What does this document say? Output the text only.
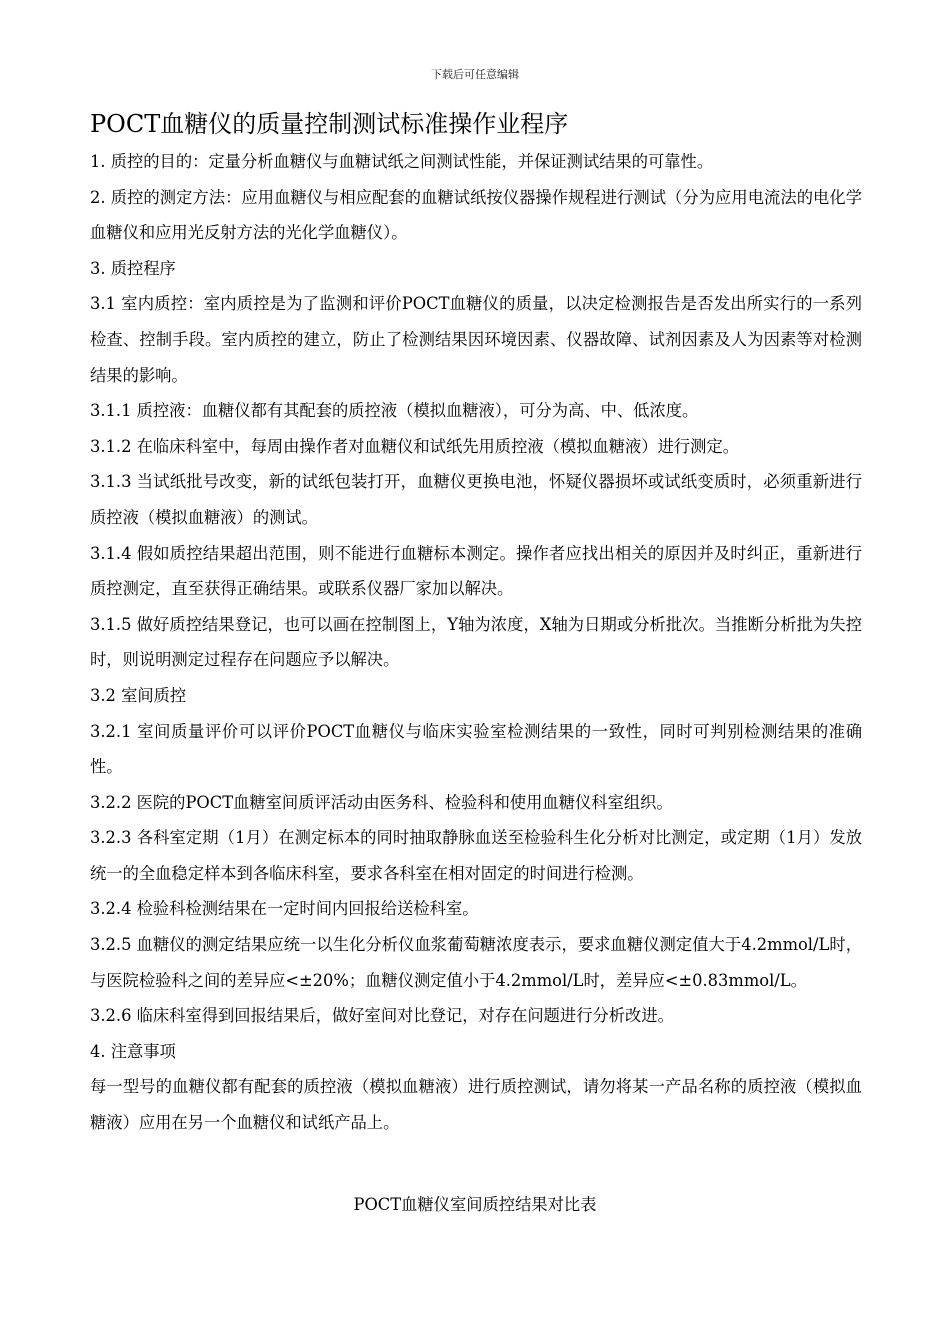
下载后可任意编辑
POCT血糖仪的质量控制测试标准操作业程序

1. 质控的目的：定量分析血糖仪与血糖试纸之间测试性能，并保证测试结果的可靠性。

2. 质控的测定方法：应用血糖仪与相应配套的血糖试纸按仪器操作规程进行测试（分为应用电流法的电化学血糖仪和应用光反射方法的光化学血糖仪）。

3. 质控程序

3.1 室内质控：室内质控是为了监测和评价POCT血糖仪的质量，以决定检测报告是否发出所实行的一系列检查、控制手段。室内质控的建立，防止了检测结果因环境因素、仪器故障、试剂因素及人为因素等对检测结果的影响。

3.1.1 质控液：血糖仪都有其配套的质控液（模拟血糖液），可分为高、中、低浓度。

3.1.2 在临床科室中，每周由操作者对血糖仪和试纸先用质控液（模拟血糖液）进行测定。

3.1.3 当试纸批号改变，新的试纸包装打开，血糖仪更换电池，怀疑仪器损坏或试纸变质时，必须重新进行质控液（模拟血糖液）的测试。

3.1.4 假如质控结果超出范围，则不能进行血糖标本测定。操作者应找出相关的原因并及时纠正，重新进行质控测定，直至获得正确结果。或联系仪器厂家加以解决。

3.1.5 做好质控结果登记，也可以画在控制图上，Y轴为浓度，X轴为日期或分析批次。当推断分析批为失控时，则说明测定过程存在问题应予以解决。

3.2 室间质控

3.2.1 室间质量评价可以评价POCT血糖仪与临床实验室检测结果的一致性，同时可判别检测结果的准确性。

3.2.2 医院的POCT血糖室间质评活动由医务科、检验科和使用血糖仪科室组织。

3.2.3 各科室定期（1月）在测定标本的同时抽取静脉血送至检验科生化分析对比测定，或定期（1月）发放统一的全血稳定样本到各临床科室，要求各科室在相对固定的时间进行检测。

3.2.4 检验科检测结果在一定时间内回报给送检科室。

3.2.5 血糖仪的测定结果应统一以生化分析仪血浆葡萄糖浓度表示，要求血糖仪测定值大于4.2mmol/L时，与医院检验科之间的差异应<±20%；血糖仪测定值小于4.2mmol/L时，差异应<±0.83mmol/L。

3.2.6 临床科室得到回报结果后，做好室间对比登记，对存在问题进行分析改进。

4. 注意事项

每一型号的血糖仪都有配套的质控液（模拟血糖液）进行质控测试，请勿将某一产品名称的质控液（模拟血糖液）应用在另一个血糖仪和试纸产品上。

POCT血糖仪室间质控结果对比表
